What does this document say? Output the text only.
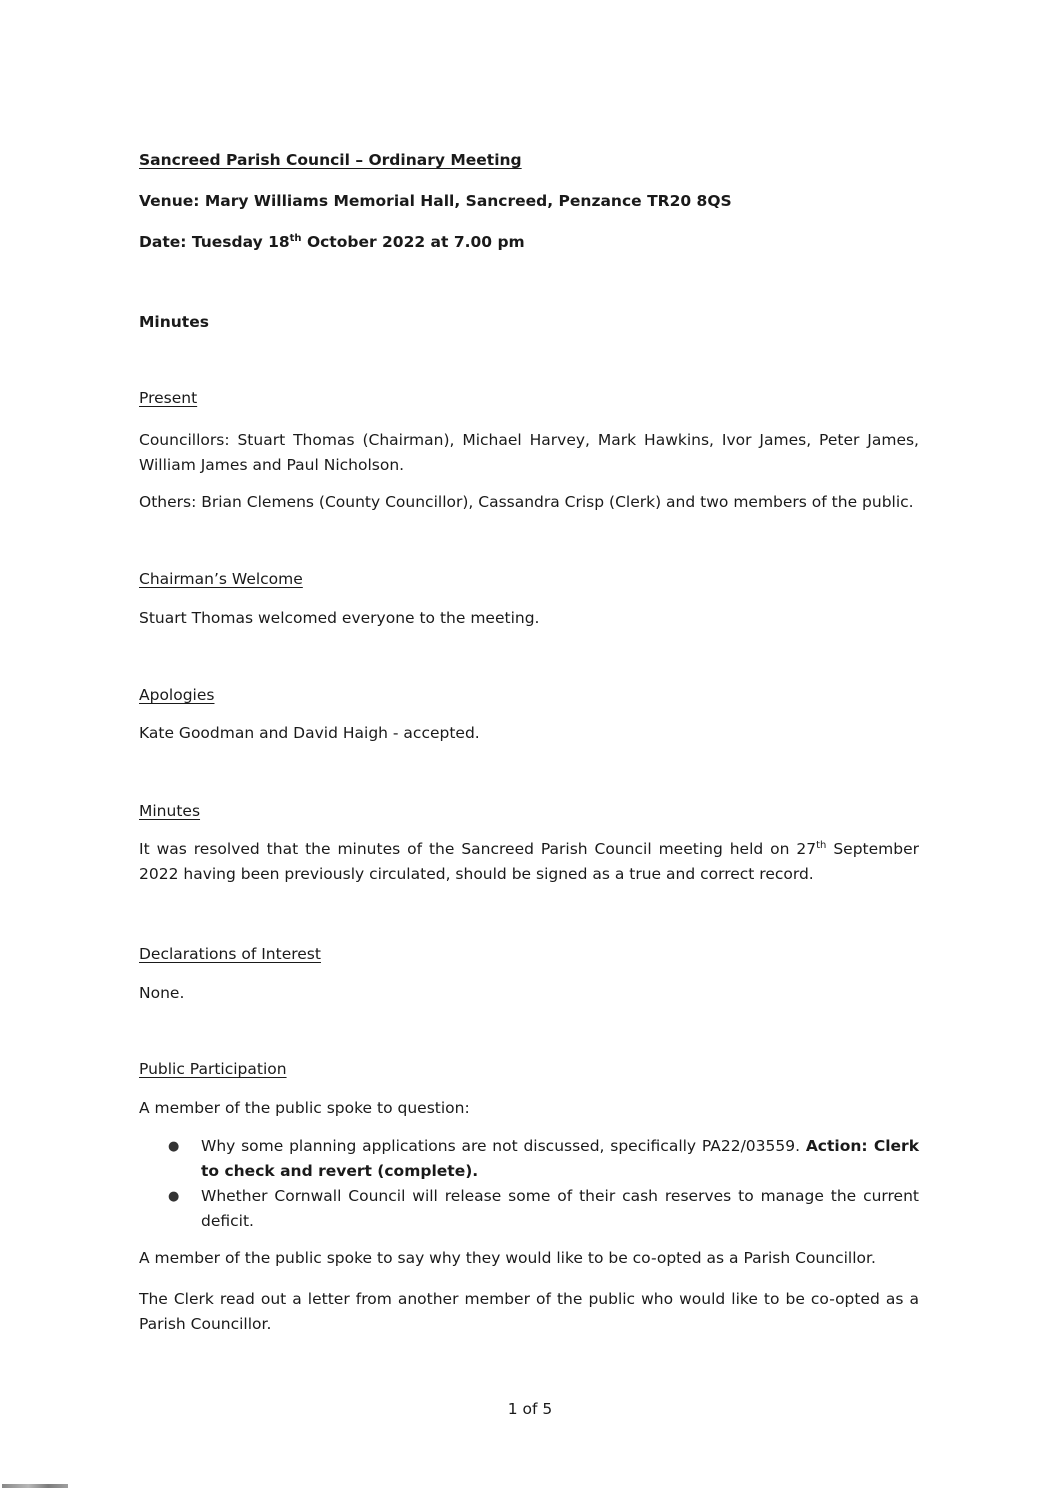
Sancreed Parish Council – Ordinary Meeting
Venue: Mary Williams Memorial Hall, Sancreed, Penzance TR20 8QS
Date: Tuesday 18th October 2022 at 7.00 pm
Minutes
Present
Councillors: Stuart Thomas (Chairman), Michael Harvey, Mark Hawkins, Ivor James, Peter James, William James and Paul Nicholson.
Others: Brian Clemens (County Councillor), Cassandra Crisp (Clerk) and two members of the public.
Chairman’s Welcome
Stuart Thomas welcomed everyone to the meeting.
Apologies
Kate Goodman and David Haigh - accepted.
Minutes
It was resolved that the minutes of the Sancreed Parish Council meeting held on 27th September 2022 having been previously circulated, should be signed as a true and correct record.
Declarations of Interest
None.
Public Participation
A member of the public spoke to question:
● Why some planning applications are not discussed, specifically PA22/03559. Action: Clerk to check and revert (complete).
● Whether Cornwall Council will release some of their cash reserves to manage the current deficit.
A member of the public spoke to say why they would like to be co-opted as a Parish Councillor.
The Clerk read out a letter from another member of the public who would like to be co-opted as a Parish Councillor.
1 of 5
